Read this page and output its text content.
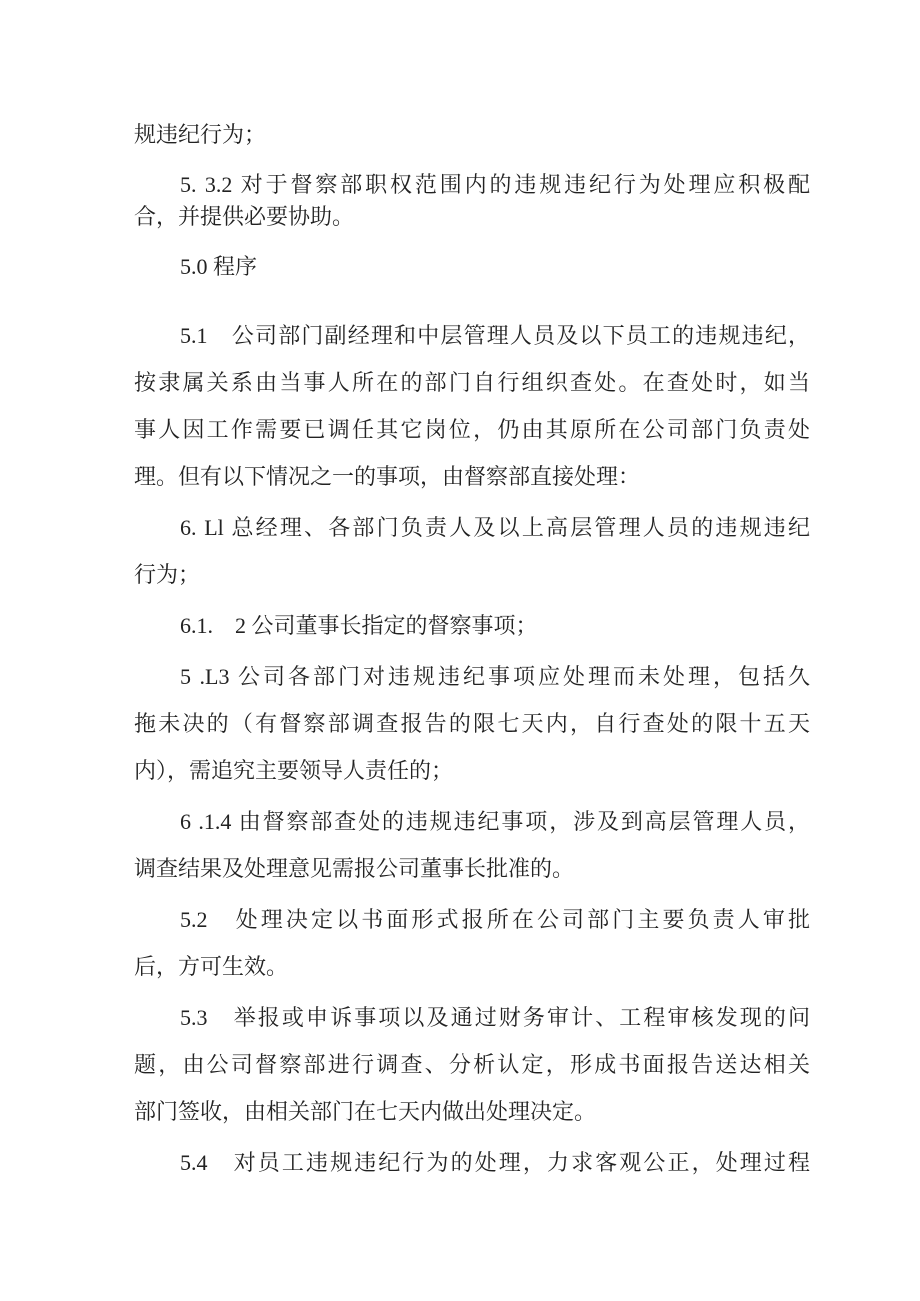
规违纪行为；

5. 3.2 对于督察部职权范围内的违规违纪行为处理应积极配
合，并提供必要协助。

5.0 程序

5.1　公司部门副经理和中层管理人员及以下员工的违规违纪，
按隶属关系由当事人所在的部门自行组织查处。在查处时，如当
事人因工作需要已调任其它岗位，仍由其原所在公司部门负责处
理。但有以下情况之一的事项，由督察部直接处理：

6. Ll 总经理、各部门负责人及以上高层管理人员的违规违纪
行为；

6.1.　2 公司董事长指定的督察事项；

5 .L3 公司各部门对违规违纪事项应处理而未处理，包括久
拖未决的（有督察部调查报告的限七天内，自行查处的限十五天
内），需追究主要领导人责任的；

6 .1.4 由督察部查处的违规违纪事项，涉及到高层管理人员，
调查结果及处理意见需报公司董事长批准的。

5.2　处理决定以书面形式报所在公司部门主要负责人审批
后，方可生效。

5.3　举报或申诉事项以及通过财务审计、工程审核发现的问
题，由公司督察部进行调查、分析认定，形成书面报告送达相关
部门签收，由相关部门在七天内做出处理决定。

5.4　对员工违规违纪行为的处理，力求客观公正，处理过程
